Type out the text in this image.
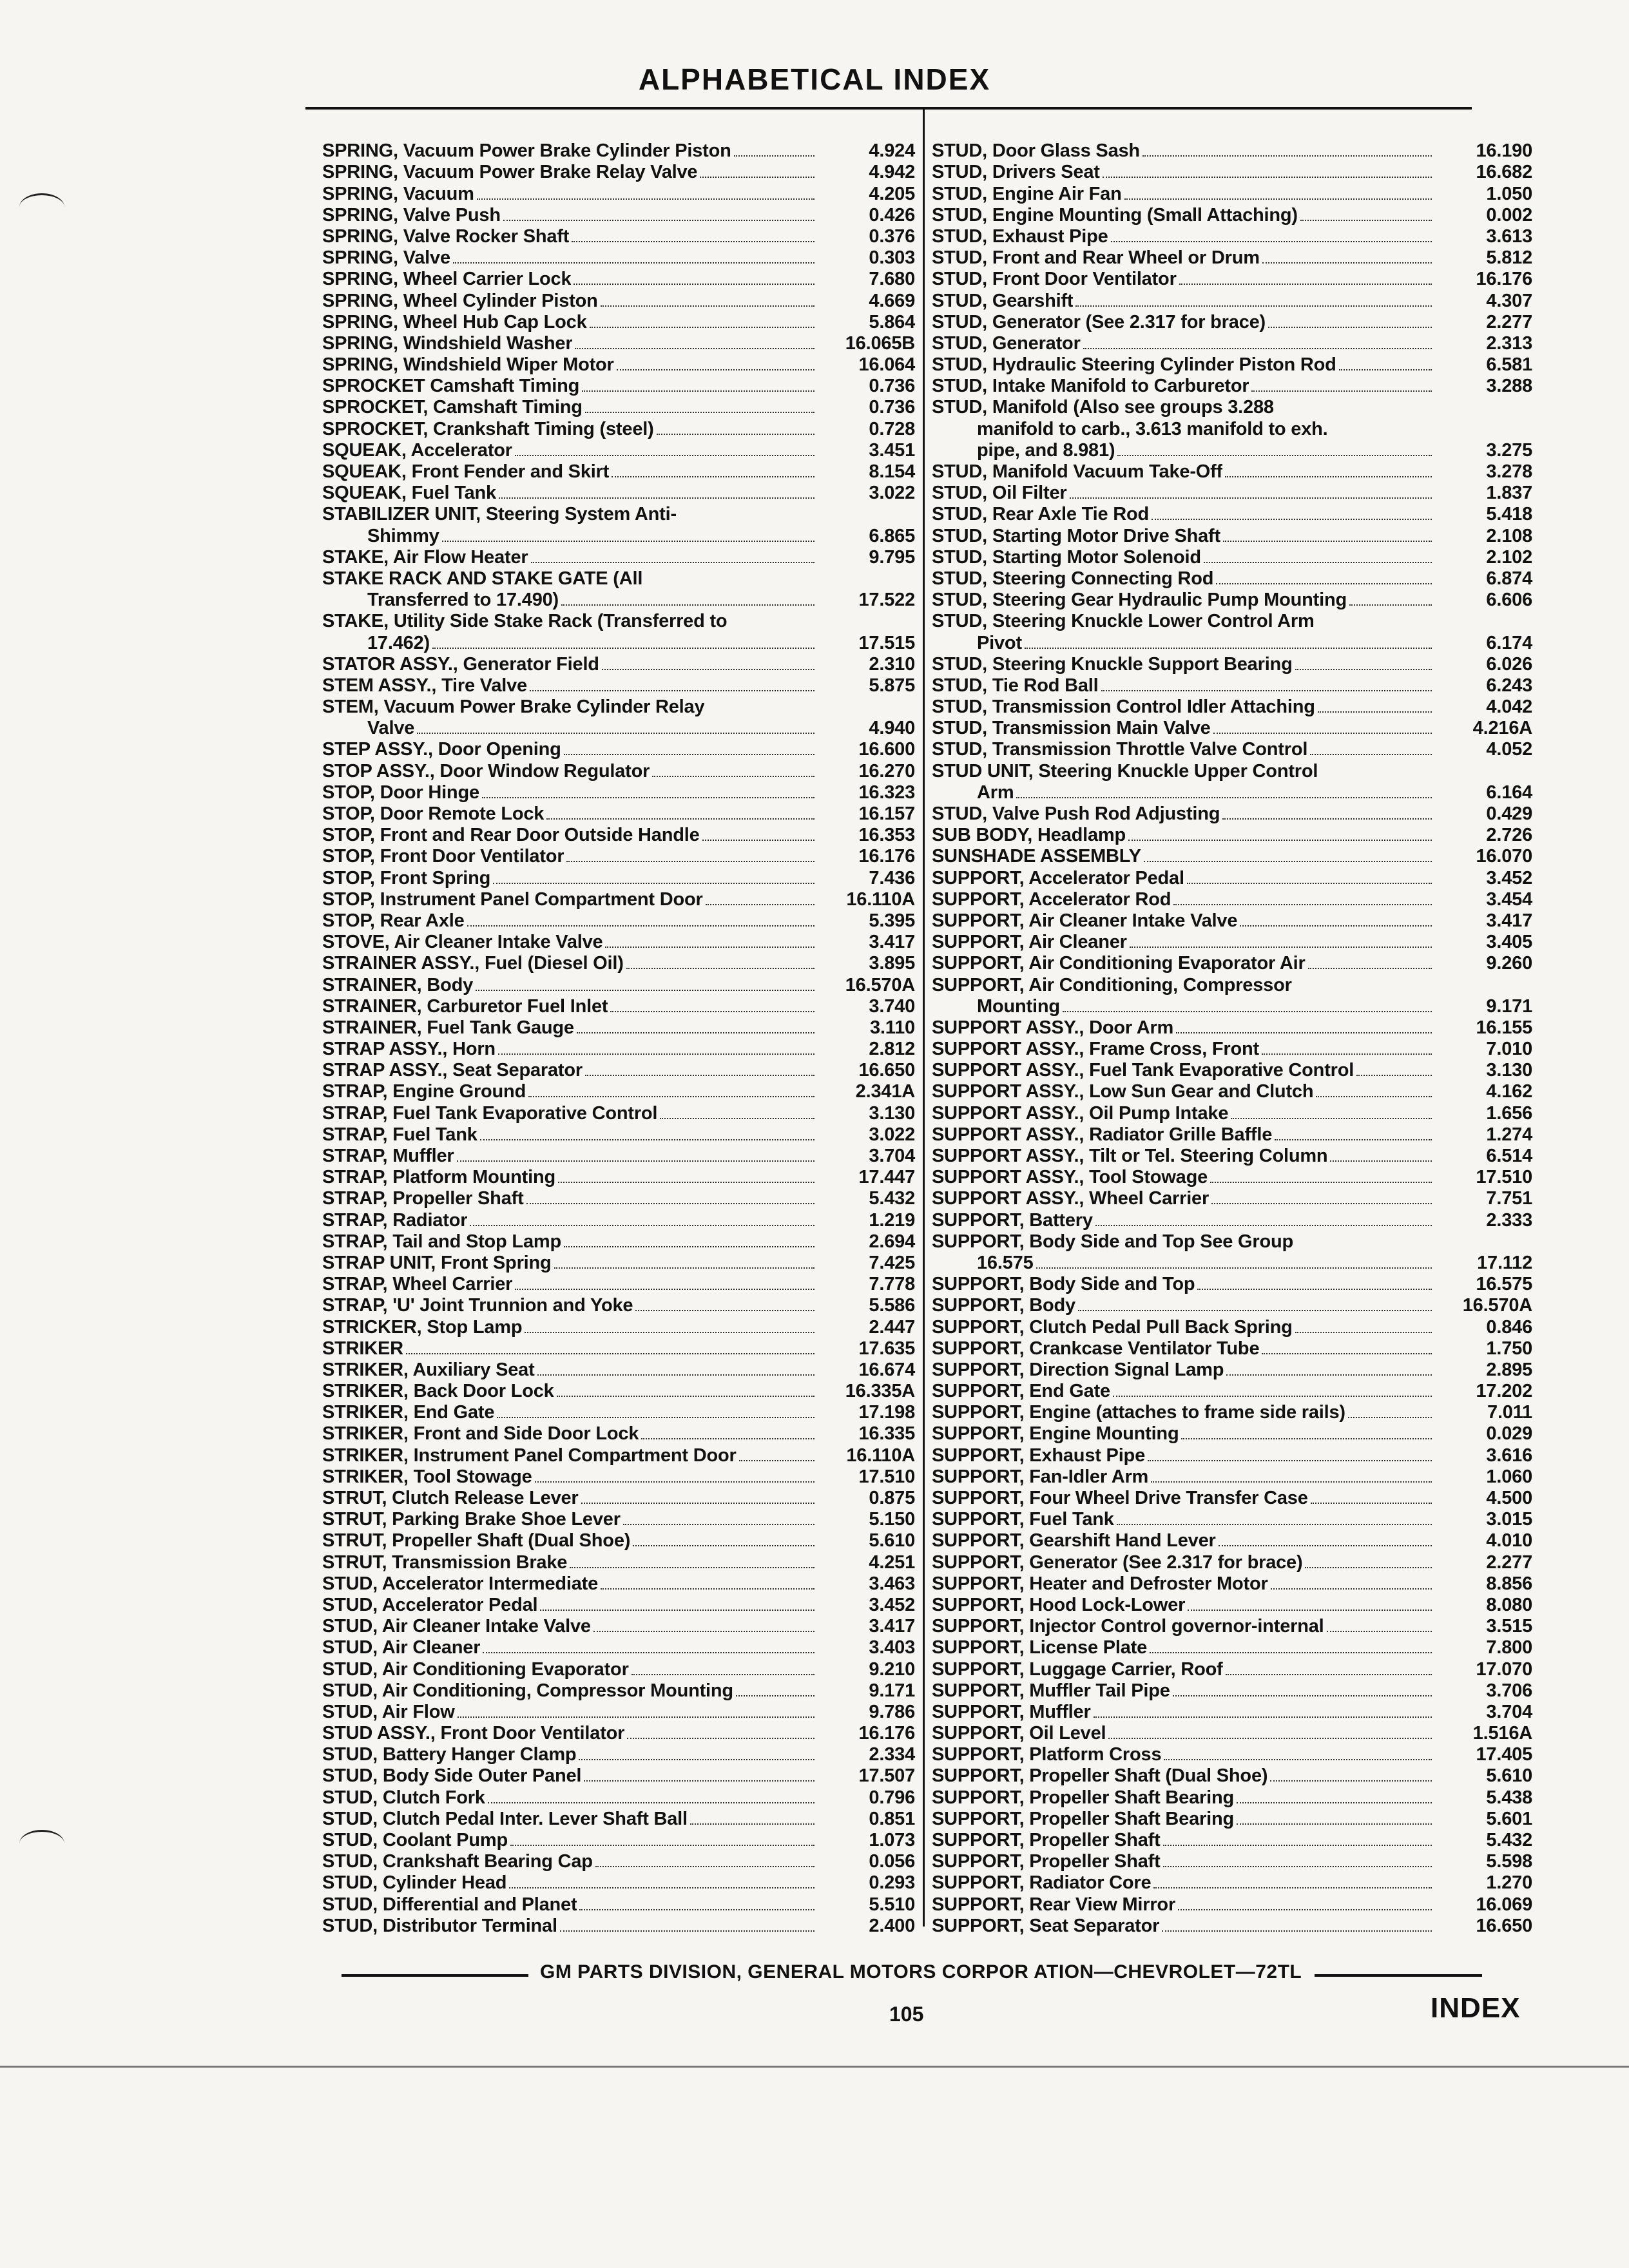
ALPHABETICAL INDEX
SPRING, Vacuum Power Brake Cylinder Piston	4.924
SPRING, Vacuum Power Brake Relay Valve	4.942
SPRING, Vacuum	4.205
SPRING, Valve Push	0.426
SPRING, Valve Rocker Shaft	0.376
SPRING, Valve	0.303
SPRING, Wheel Carrier Lock	7.680
SPRING, Wheel Cylinder Piston	4.669
SPRING, Wheel Hub Cap Lock	5.864
SPRING, Windshield Washer	16.065B
SPRING, Windshield Wiper Motor	16.064
SPROCKET Camshaft Timing	0.736
SPROCKET, Camshaft Timing	0.736
SPROCKET, Crankshaft Timing (steel)	0.728
SQUEAK, Accelerator	3.451
SQUEAK, Front Fender and Skirt	8.154
SQUEAK, Fuel Tank	3.022
STABILIZER UNIT, Steering System Anti-
Shimmy	6.865
STAKE, Air Flow Heater	9.795
STAKE RACK AND STAKE GATE (All
Transferred to 17.490)	17.522
STAKE, Utility Side Stake Rack (Transferred to
17.462)	17.515
STATOR ASSY., Generator Field	2.310
STEM ASSY., Tire Valve	5.875
STEM, Vacuum Power Brake Cylinder Relay
Valve	4.940
STEP ASSY., Door Opening	16.600
STOP ASSY., Door Window Regulator	16.270
STOP, Door Hinge	16.323
STOP, Door Remote Lock	16.157
STOP, Front and Rear Door Outside Handle	16.353
STOP, Front Door Ventilator	16.176
STOP, Front Spring	7.436
STOP, Instrument Panel Compartment Door	16.110A
STOP, Rear Axle	5.395
STOVE, Air Cleaner Intake Valve	3.417
STRAINER ASSY., Fuel (Diesel Oil)	3.895
STRAINER, Body	16.570A
STRAINER, Carburetor Fuel Inlet	3.740
STRAINER, Fuel Tank Gauge	3.110
STRAP ASSY., Horn	2.812
STRAP ASSY., Seat Separator	16.650
STRAP, Engine Ground	2.341A
STRAP, Fuel Tank Evaporative Control	3.130
STRAP, Fuel Tank	3.022
STRAP, Muffler	3.704
STRAP, Platform Mounting	17.447
STRAP, Propeller Shaft	5.432
STRAP, Radiator	1.219
STRAP, Tail and Stop Lamp	2.694
STRAP UNIT, Front Spring	7.425
STRAP, Wheel Carrier	7.778
STRAP, 'U' Joint Trunnion and Yoke	5.586
STRICKER, Stop Lamp	2.447
STRIKER	17.635
STRIKER, Auxiliary Seat	16.674
STRIKER, Back Door Lock	16.335A
STRIKER, End Gate	17.198
STRIKER, Front and Side Door Lock	16.335
STRIKER, Instrument Panel Compartment Door	16.110A
STRIKER, Tool Stowage	17.510
STRUT, Clutch Release Lever	0.875
STRUT, Parking Brake Shoe Lever	5.150
STRUT, Propeller Shaft (Dual Shoe)	5.610
STRUT, Transmission Brake	4.251
STUD, Accelerator Intermediate	3.463
STUD, Accelerator Pedal	3.452
STUD, Air Cleaner Intake Valve	3.417
STUD, Air Cleaner	3.403
STUD, Air Conditioning Evaporator	9.210
STUD, Air Conditioning, Compressor Mounting	9.171
STUD, Air Flow	9.786
STUD ASSY., Front Door Ventilator	16.176
STUD, Battery Hanger Clamp	2.334
STUD, Body Side Outer Panel	17.507
STUD, Clutch Fork	0.796
STUD, Clutch Pedal Inter. Lever Shaft Ball	0.851
STUD, Coolant Pump	1.073
STUD, Crankshaft Bearing Cap	0.056
STUD, Cylinder Head	0.293
STUD, Differential and Planet	5.510
STUD, Distributor Terminal	2.400
STUD, Door Glass Sash	16.190
STUD, Drivers Seat	16.682
STUD, Engine Air Fan	1.050
STUD, Engine Mounting (Small Attaching)	0.002
STUD, Exhaust Pipe	3.613
STUD, Front and Rear Wheel or Drum	5.812
STUD, Front Door Ventilator	16.176
STUD, Gearshift	4.307
STUD, Generator (See 2.317 for brace)	2.277
STUD, Generator	2.313
STUD, Hydraulic Steering Cylinder Piston Rod	6.581
STUD, Intake Manifold to Carburetor	3.288
STUD, Manifold (Also see groups 3.288
manifold to carb., 3.613 manifold to exh.
pipe, and 8.981)	3.275
STUD, Manifold Vacuum Take-Off	3.278
STUD, Oil Filter	1.837
STUD, Rear Axle Tie Rod	5.418
STUD, Starting Motor Drive Shaft	2.108
STUD, Starting Motor Solenoid	2.102
STUD, Steering Connecting Rod	6.874
STUD, Steering Gear Hydraulic Pump Mounting	6.606
STUD, Steering Knuckle Lower Control Arm
Pivot	6.174
STUD, Steering Knuckle Support Bearing	6.026
STUD, Tie Rod Ball	6.243
STUD, Transmission Control Idler Attaching	4.042
STUD, Transmission Main Valve	4.216A
STUD, Transmission Throttle Valve Control	4.052
STUD UNIT, Steering Knuckle Upper Control
Arm	6.164
STUD, Valve Push Rod Adjusting	0.429
SUB BODY, Headlamp	2.726
SUNSHADE ASSEMBLY	16.070
SUPPORT, Accelerator Pedal	3.452
SUPPORT, Accelerator Rod	3.454
SUPPORT, Air Cleaner Intake Valve	3.417
SUPPORT, Air Cleaner	3.405
SUPPORT, Air Conditioning Evaporator Air	9.260
SUPPORT, Air Conditioning, Compressor
Mounting	9.171
SUPPORT ASSY., Door Arm	16.155
SUPPORT ASSY., Frame Cross, Front	7.010
SUPPORT ASSY., Fuel Tank Evaporative Control	3.130
SUPPORT ASSY., Low Sun Gear and Clutch	4.162
SUPPORT ASSY., Oil Pump Intake	1.656
SUPPORT ASSY., Radiator Grille Baffle	1.274
SUPPORT ASSY., Tilt or Tel. Steering Column	6.514
SUPPORT ASSY., Tool Stowage	17.510
SUPPORT ASSY., Wheel Carrier	7.751
SUPPORT, Battery	2.333
SUPPORT, Body Side and Top See Group
16.575	17.112
SUPPORT, Body Side and Top	16.575
SUPPORT, Body	16.570A
SUPPORT, Clutch Pedal Pull Back Spring	0.846
SUPPORT, Crankcase Ventilator Tube	1.750
SUPPORT, Direction Signal Lamp	2.895
SUPPORT, End Gate	17.202
SUPPORT, Engine (attaches to frame side rails)	7.011
SUPPORT, Engine Mounting	0.029
SUPPORT, Exhaust Pipe	3.616
SUPPORT, Fan-Idler Arm	1.060
SUPPORT, Four Wheel Drive Transfer Case	4.500
SUPPORT, Fuel Tank	3.015
SUPPORT, Gearshift Hand Lever	4.010
SUPPORT, Generator (See 2.317 for brace)	2.277
SUPPORT, Heater and Defroster Motor	8.856
SUPPORT, Hood Lock-Lower	8.080
SUPPORT, Injector Control governor-internal	3.515
SUPPORT, License Plate	7.800
SUPPORT, Luggage Carrier, Roof	17.070
SUPPORT, Muffler Tail Pipe	3.706
SUPPORT, Muffler	3.704
SUPPORT, Oil Level	1.516A
SUPPORT, Platform Cross	17.405
SUPPORT, Propeller Shaft (Dual Shoe)	5.610
SUPPORT, Propeller Shaft Bearing	5.438
SUPPORT, Propeller Shaft Bearing	5.601
SUPPORT, Propeller Shaft	5.432
SUPPORT, Propeller Shaft	5.598
SUPPORT, Radiator Core	1.270
SUPPORT, Rear View Mirror	16.069
SUPPORT, Seat Separator	16.650
GM PARTS DIVISION, GENERAL MOTORS CORPOR ATION—CHEVROLET—72TL
105	INDEX
